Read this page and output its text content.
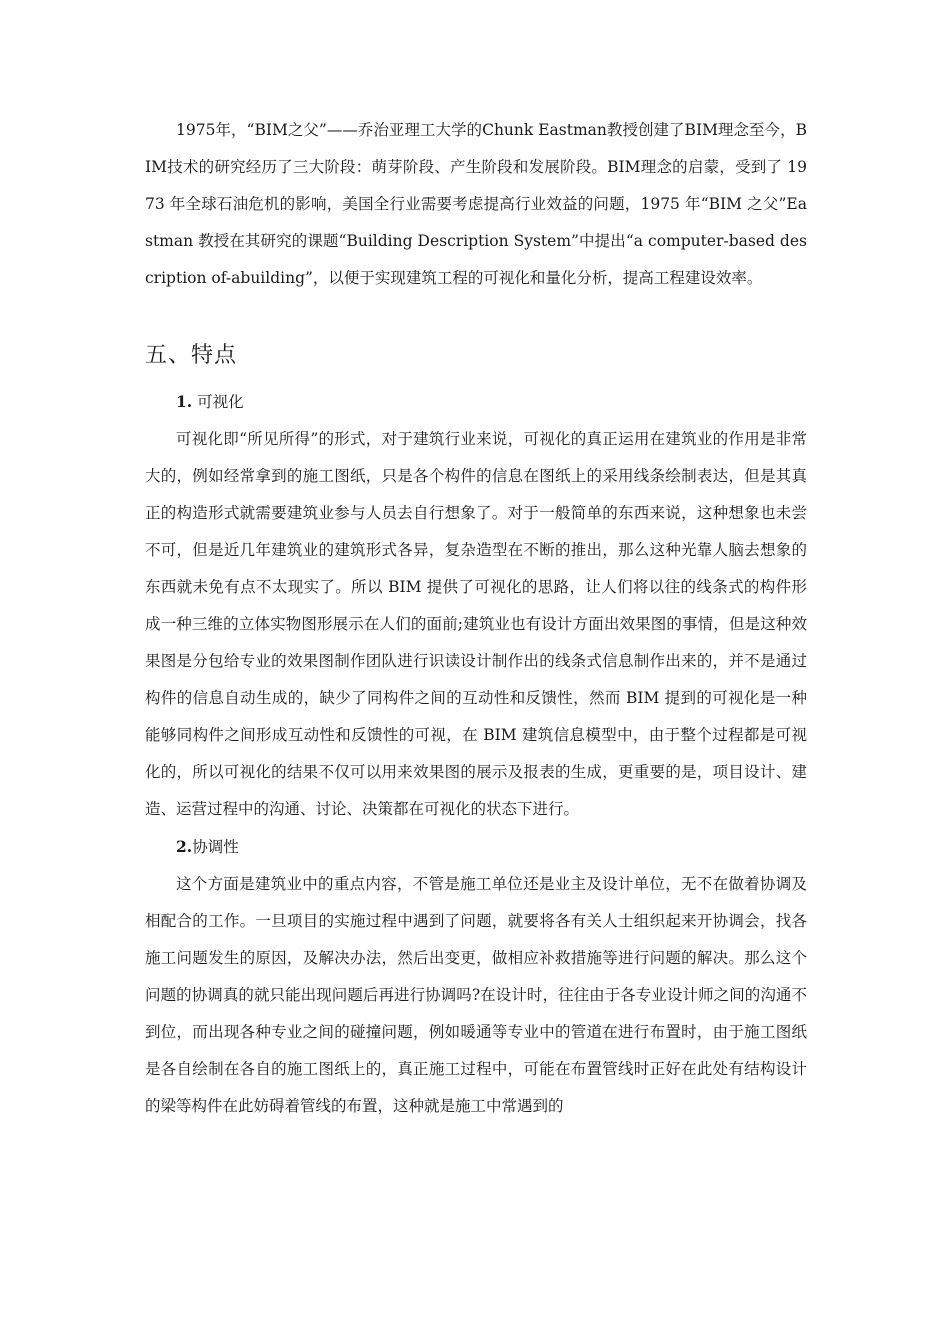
1975年，“BIM之父”——乔治亚理工大学的Chunk Eastman教授创建了BIM理念至今，BIM技术的研究经历了三大阶段：萌芽阶段、产生阶段和发展阶段。BIM理念的启蒙，受到了 1973 年全球石油危机的影响，美国全行业需要考虑提高行业效益的问题，1975 年“BIM 之父”Eastman 教授在其研究的课题“Building Description System”中提出“a computer-based description of-abuilding”，以便于实现建筑工程的可视化和量化分析，提高工程建设效率。

五、特点
1. 可视化

可视化即“所见所得”的形式，对于建筑行业来说，可视化的真正运用在建筑业的作用是非常大的，例如经常拿到的施工图纸，只是各个构件的信息在图纸上的采用线条绘制表达，但是其真正的构造形式就需要建筑业参与人员去自行想象了。对于一般简单的东西来说，这种想象也未尝不可，但是近几年建筑业的建筑形式各异，复杂造型在不断的推出，那么这种光靠人脑去想象的东西就未免有点不太现实了。所以 BIM 提供了可视化的思路，让人们将以往的线条式的构件形成一种三维的立体实物图形展示在人们的面前;建筑业也有设计方面出效果图的事情，但是这种效果图是分包给专业的效果图制作团队进行识读设计制作出的线条式信息制作出来的，并不是通过构件的信息自动生成的，缺少了同构件之间的互动性和反馈性，然而 BIM 提到的可视化是一种能够同构件之间形成互动性和反馈性的可视，在 BIM 建筑信息模型中，由于整个过程都是可视化的，所以可视化的结果不仅可以用来效果图的展示及报表的生成，更重要的是，项目设计、建造、运营过程中的沟通、讨论、决策都在可视化的状态下进行。

2.协调性

这个方面是建筑业中的重点内容，不管是施工单位还是业主及设计单位，无不在做着协调及相配合的工作。一旦项目的实施过程中遇到了问题，就要将各有关人士组织起来开协调会，找各施工问题发生的原因，及解决办法，然后出变更，做相应补救措施等进行问题的解决。那么这个问题的协调真的就只能出现问题后再进行协调吗?在设计时，往往由于各专业设计师之间的沟通不到位，而出现各种专业之间的碰撞问题，例如暖通等专业中的管道在进行布置时，由于施工图纸是各自绘制在各自的施工图纸上的，真正施工过程中，可能在布置管线时正好在此处有结构设计的梁等构件在此妨碍着管线的布置，这种就是施工中常遇到的
